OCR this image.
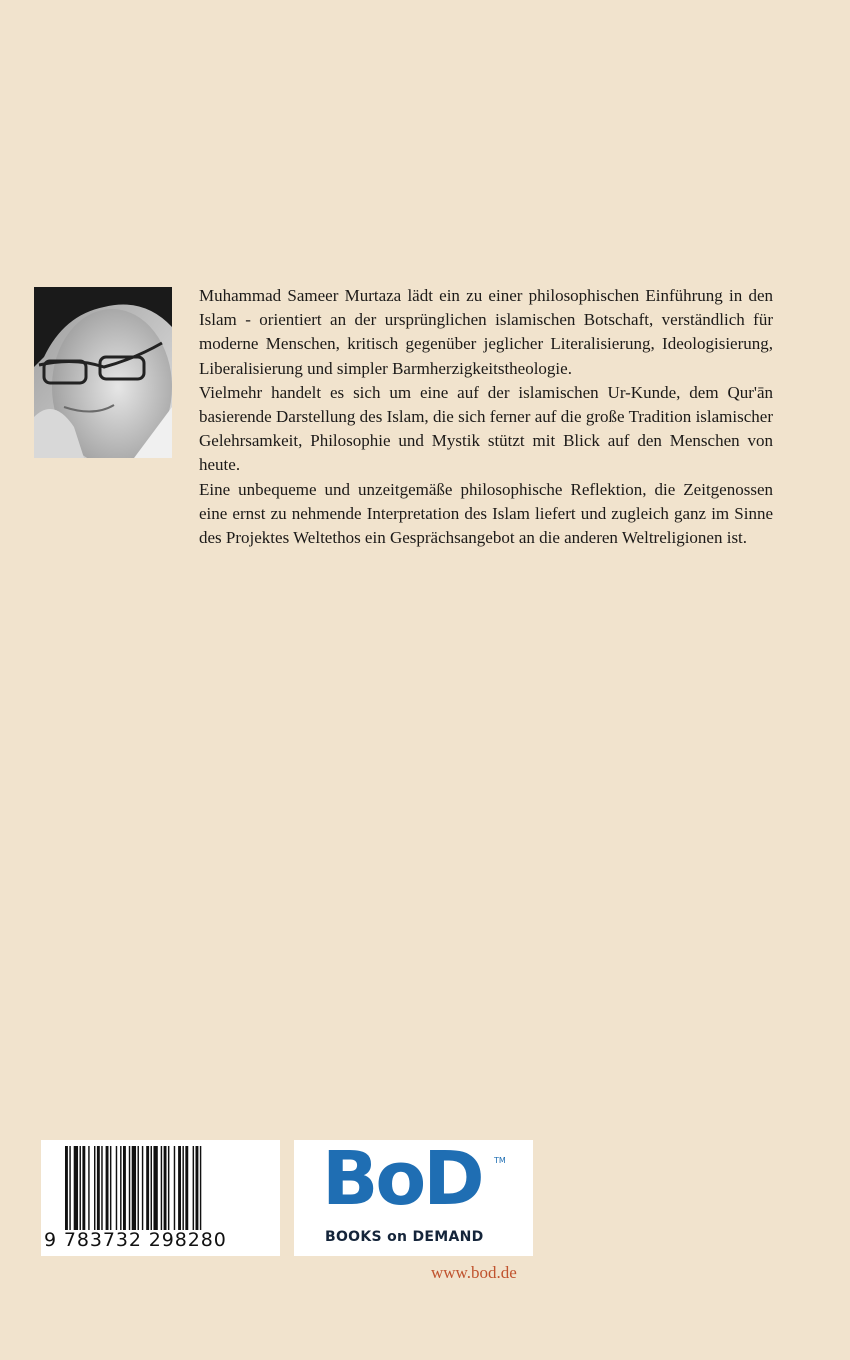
Muhammad Sameer Murtaza lädt ein zu einer philosophischen Einführung in den Islam - orientiert an der ursprünglichen islamischen Botschaft, verständlich für moderne Menschen, kritisch gegenüber jeglicher Literalisierung, Ideologisierung, Liberalisierung und simpler Barmherzigkeitstheologie.

Vielmehr handelt es sich um eine auf der islamischen Ur-Kunde, dem Qur'ān basierende Darstellung des Islam, die sich ferner auf die große Tradition islamischer Gelehrsamkeit, Philosophie und Mystik stützt mit Blick auf den Menschen von heute.

Eine unbequeme und unzeitgemäße philosophische Reflektion, die Zeitgenossen eine ernst zu nehmende Interpretation des Islam liefert und zugleich ganz im Sinne des Projektes Weltethos ein Gesprächsangebot an die anderen Weltreligionen ist.

9 783732 298280
BoD TM
BOOKS on DEMAND
www.bod.de
